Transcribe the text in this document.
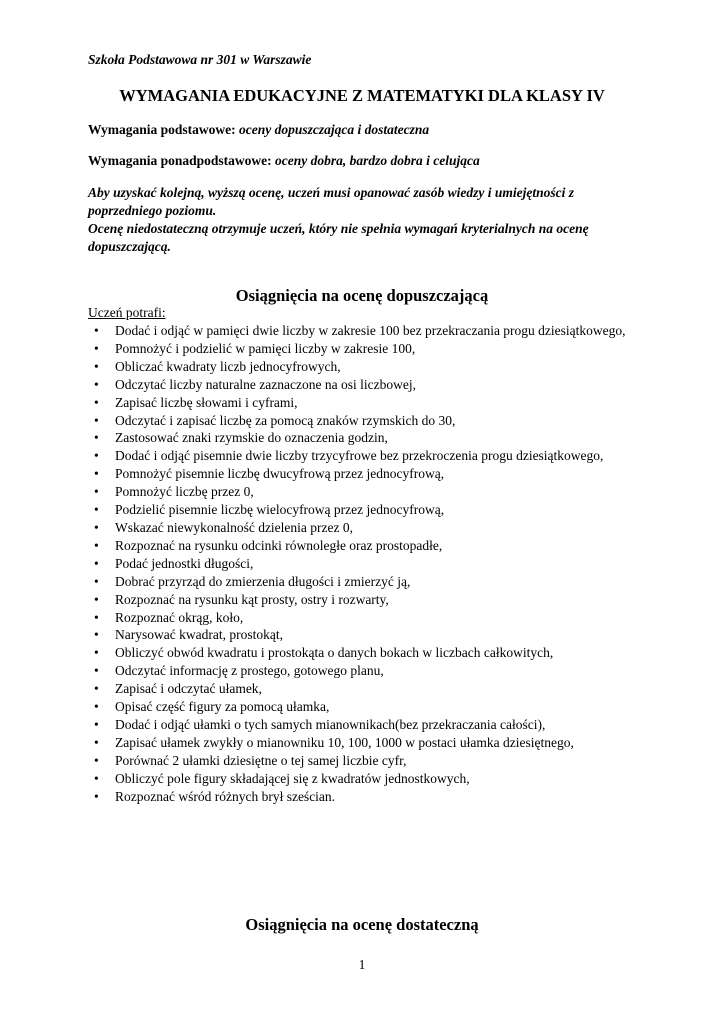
Szkoła Podstawowa nr 301 w Warszawie
WYMAGANIA EDUKACYJNE Z MATEMATYKI DLA KLASY IV
Wymagania podstawowe: oceny dopuszczająca i dostateczna
Wymagania ponadpodstawowe: oceny dobra, bardzo dobra i celująca

Aby uzyskać kolejną, wyższą ocenę, uczeń musi opanować zasób wiedzy i umiejętności z poprzedniego poziomu.

Ocenę niedostateczną otrzymuje uczeń, który nie spełnia wymagań kryterialnych na ocenę dopuszczającą.

Osiągnięcia na ocenę dopuszczającą
Uczeń potrafi:
• Dodać i odjąć w pamięci dwie liczby w zakresie 100 bez przekraczania progu dziesiątkowego,
• Pomnożyć i podzielić w pamięci liczby w zakresie 100,
• Obliczać kwadraty liczb jednocyfrowych,
• Odczytać liczby naturalne zaznaczone na osi liczbowej,
• Zapisać liczbę słowami i cyframi,
• Odczytać i zapisać liczbę za pomocą znaków rzymskich do 30,
• Zastosować znaki rzymskie do oznaczenia godzin,
• Dodać i odjąć pisemnie dwie liczby trzycyfrowe bez przekroczenia progu dziesiątkowego,
• Pomnożyć pisemnie liczbę dwucyfrową przez jednocyfrową,
• Pomnożyć liczbę przez 0,
• Podzielić pisemnie liczbę wielocyfrową przez jednocyfrową,
• Wskazać niewykonalność dzielenia przez 0,
• Rozpoznać na rysunku odcinki równoległe oraz prostopadłe,
• Podać jednostki długości,
• Dobrać przyrząd do zmierzenia długości i zmierzyć ją,
• Rozpoznać na rysunku kąt prosty, ostry i rozwarty,
• Rozpoznać okrąg, koło,
• Narysować kwadrat, prostokąt,
• Obliczyć obwód kwadratu i prostokąta o danych bokach w liczbach całkowitych,
• Odczytać informację z prostego, gotowego planu,
• Zapisać i odczytać ułamek,
• Opisać część figury za pomocą ułamka,
• Dodać i odjąć ułamki o tych samych mianownikach(bez przekraczania całości),
• Zapisać ułamek zwykły o mianowniku 10, 100, 1000 w postaci ułamka dziesiętnego,
• Porównać 2 ułamki dziesiętne o tej samej liczbie cyfr,
• Obliczyć pole figury składającej się z kwadratów jednostkowych,
• Rozpoznać wśród różnych brył sześcian.
Osiągnięcia na ocenę dostateczną
1
